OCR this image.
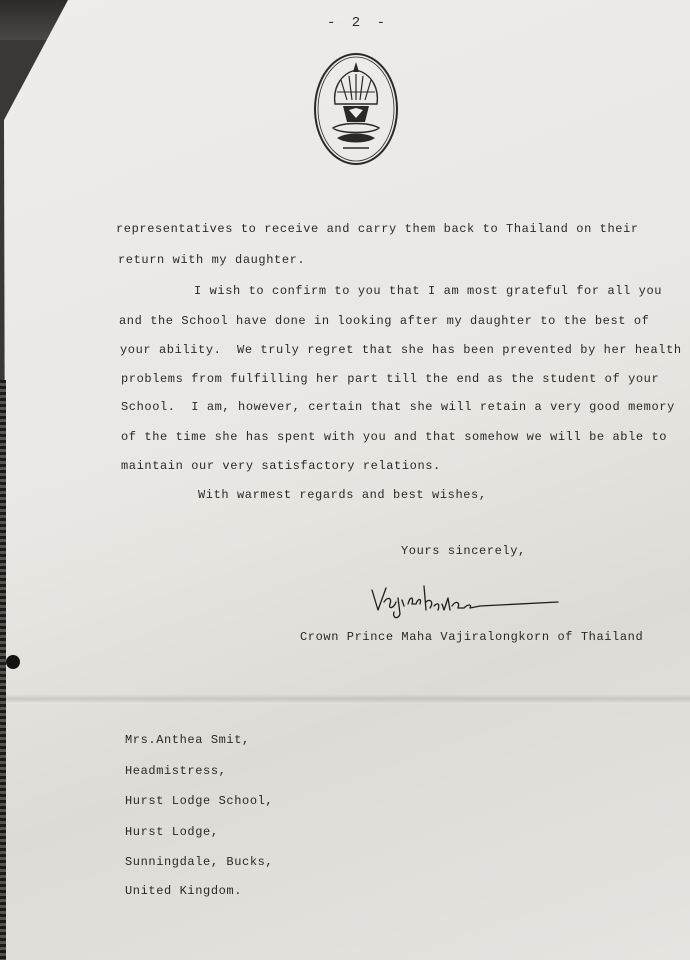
- 2 -
representatives to receive and carry them back to Thailand on their
return with my daughter.
I wish to confirm to you that I am most grateful for all you
and the School have done in looking after my daughter to the best of
your ability.  We truly regret that she has been prevented by her health
problems from fulfilling her part till the end as the student of your
School.  I am, however, certain that she will retain a very good memory
of the time she has spent with you and that somehow we will be able to
maintain our very satisfactory relations.
With warmest regards and best wishes,
Yours sincerely,
Crown Prince Maha Vajiralongkorn of Thailand
Mrs.Anthea Smit,
Headmistress,
Hurst Lodge School,
Hurst Lodge,
Sunningdale, Bucks,
United Kingdom.
